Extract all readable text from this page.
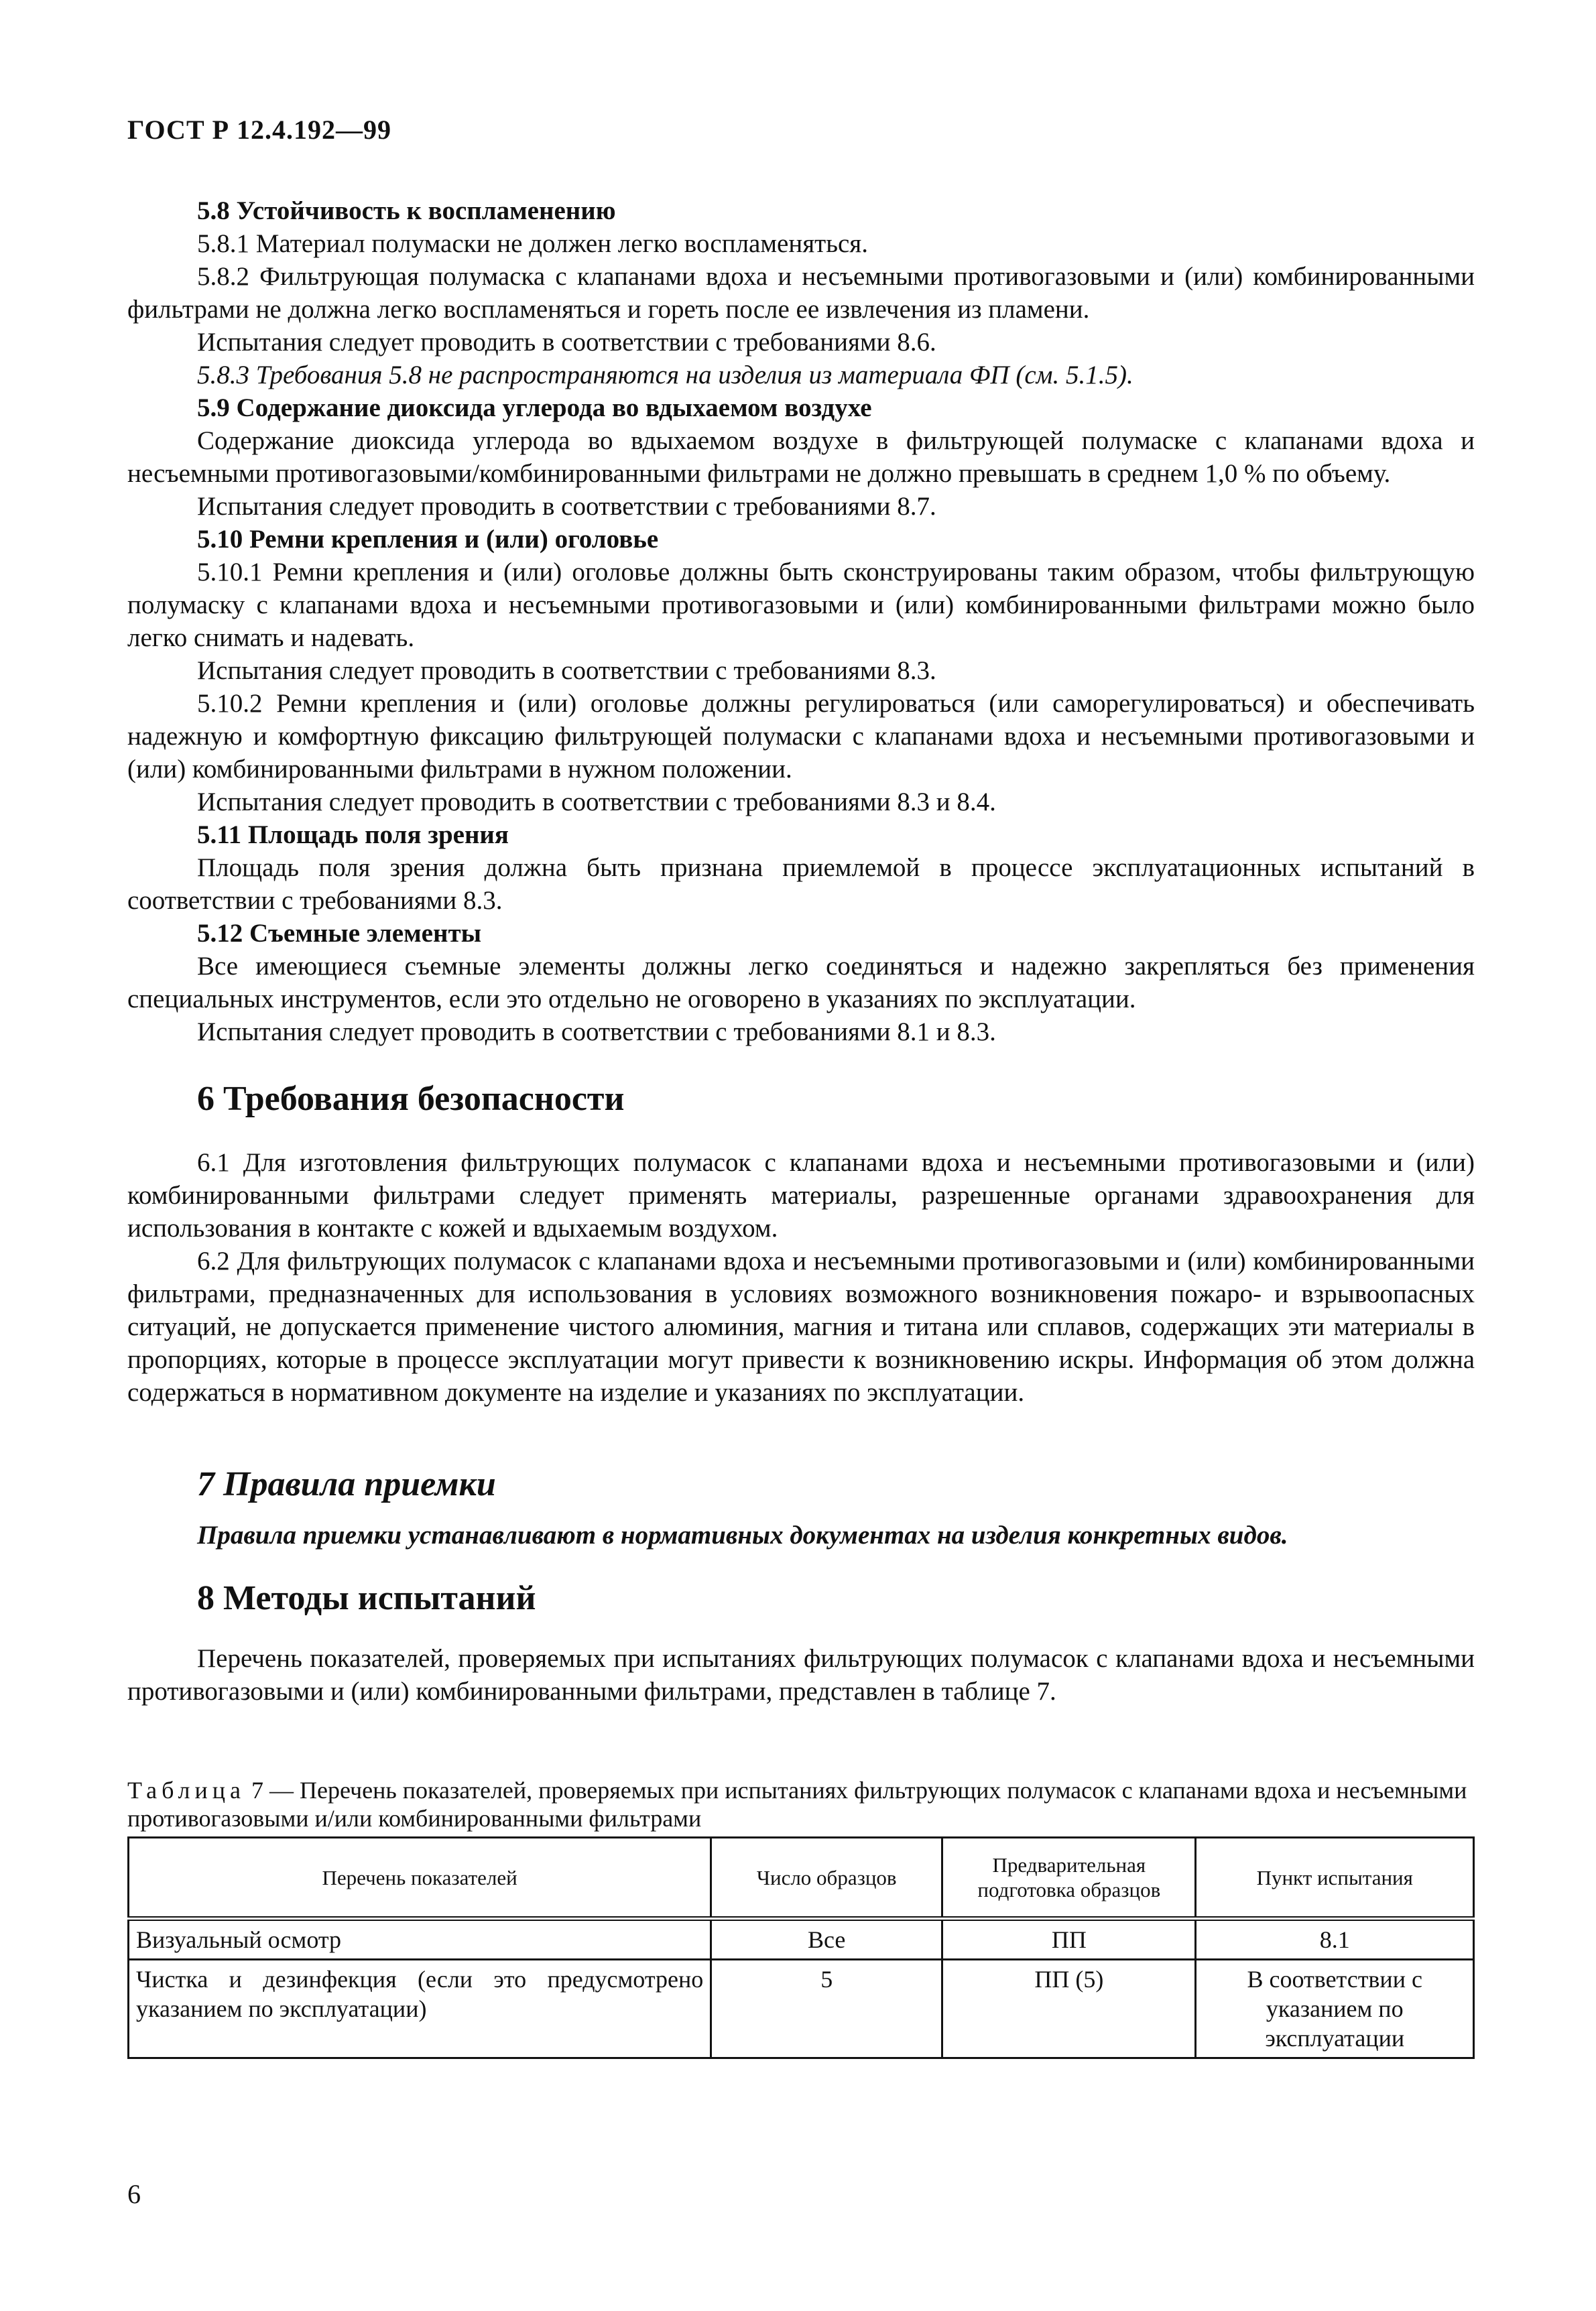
ГОСТ Р 12.4.192—99

5.8 Устойчивость к воспламенению

5.8.1 Материал полумаски не должен легко воспламеняться.

5.8.2 Фильтрующая полумаска с клапанами вдоха и несъемными противогазовыми и (или) комбинированными фильтрами не должна легко воспламеняться и гореть после ее извлечения из пламени.

Испытания следует проводить в соответствии с требованиями 8.6.

5.8.3 Требования 5.8 не распространяются на изделия из материала ФП (см. 5.1.5).

5.9 Содержание диоксида углерода во вдыхаемом воздухе

Содержание диоксида углерода во вдыхаемом воздухе в фильтрующей полумаске с клапанами вдоха и несъемными противогазовыми/комбинированными фильтрами не должно превышать в среднем 1,0 % по объему.

Испытания следует проводить в соответствии с требованиями 8.7.

5.10 Ремни крепления и (или) оголовье

5.10.1 Ремни крепления и (или) оголовье должны быть сконструированы таким образом, чтобы фильтрующую полумаску с клапанами вдоха и несъемными противогазовыми и (или) комбинированными фильтрами можно было легко снимать и надевать.

Испытания следует проводить в соответствии с требованиями 8.3.

5.10.2 Ремни крепления и (или) оголовье должны регулироваться (или саморегулироваться) и обеспечивать надежную и комфортную фиксацию фильтрующей полумаски с клапанами вдоха и несъемными противогазовыми и (или) комбинированными фильтрами в нужном положении.

Испытания следует проводить в соответствии с требованиями 8.3 и 8.4.

5.11 Площадь поля зрения

Площадь поля зрения должна быть признана приемлемой в процессе эксплуатационных испытаний в соответствии с требованиями 8.3.

5.12 Съемные элементы

Все имеющиеся съемные элементы должны легко соединяться и надежно закрепляться без применения специальных инструментов, если это отдельно не оговорено в указаниях по эксплуатации.

Испытания следует проводить в соответствии с требованиями 8.1 и 8.3.

6 Требования безопасности

6.1 Для изготовления фильтрующих полумасок с клапанами вдоха и несъемными противогазовыми и (или) комбинированными фильтрами следует применять материалы, разрешенные органами здравоохранения для использования в контакте с кожей и вдыхаемым воздухом.

6.2 Для фильтрующих полумасок с клапанами вдоха и несъемными противогазовыми и (или) комбинированными фильтрами, предназначенных для использования в условиях возможного возникновения пожаро- и взрывоопасных ситуаций, не допускается применение чистого алюминия, магния и титана или сплавов, содержащих эти материалы в пропорциях, которые в процессе эксплуатации могут привести к возникновению искры. Информация об этом должна содержаться в нормативном документе на изделие и указаниях по эксплуатации.

7 Правила приемки
Правила приемки устанавливают в нормативных документах на изделия конкретных видов.
8 Методы испытаний

Перечень показателей, проверяемых при испытаниях фильтрующих полумасок с клапанами вдоха и несъемными противогазовыми и (или) комбинированными фильтрами, представлен в таблице 7.

Таблица 7 — Перечень показателей, проверяемых при испытаниях фильтрующих полумасок с клапанами вдоха и несъемными противогазовыми и/или комбинированными фильтрами
Перечень показателей	Число образцов	Предварительная подготовка образцов	Пункт испытания
Визуальный осмотр	Все	ПП	8.1
Чистка и дезинфекция (если это предусмотрено указанием по эксплуатации)	5	ПП (5)	В соответствии с указанием по эксплуатации
6
